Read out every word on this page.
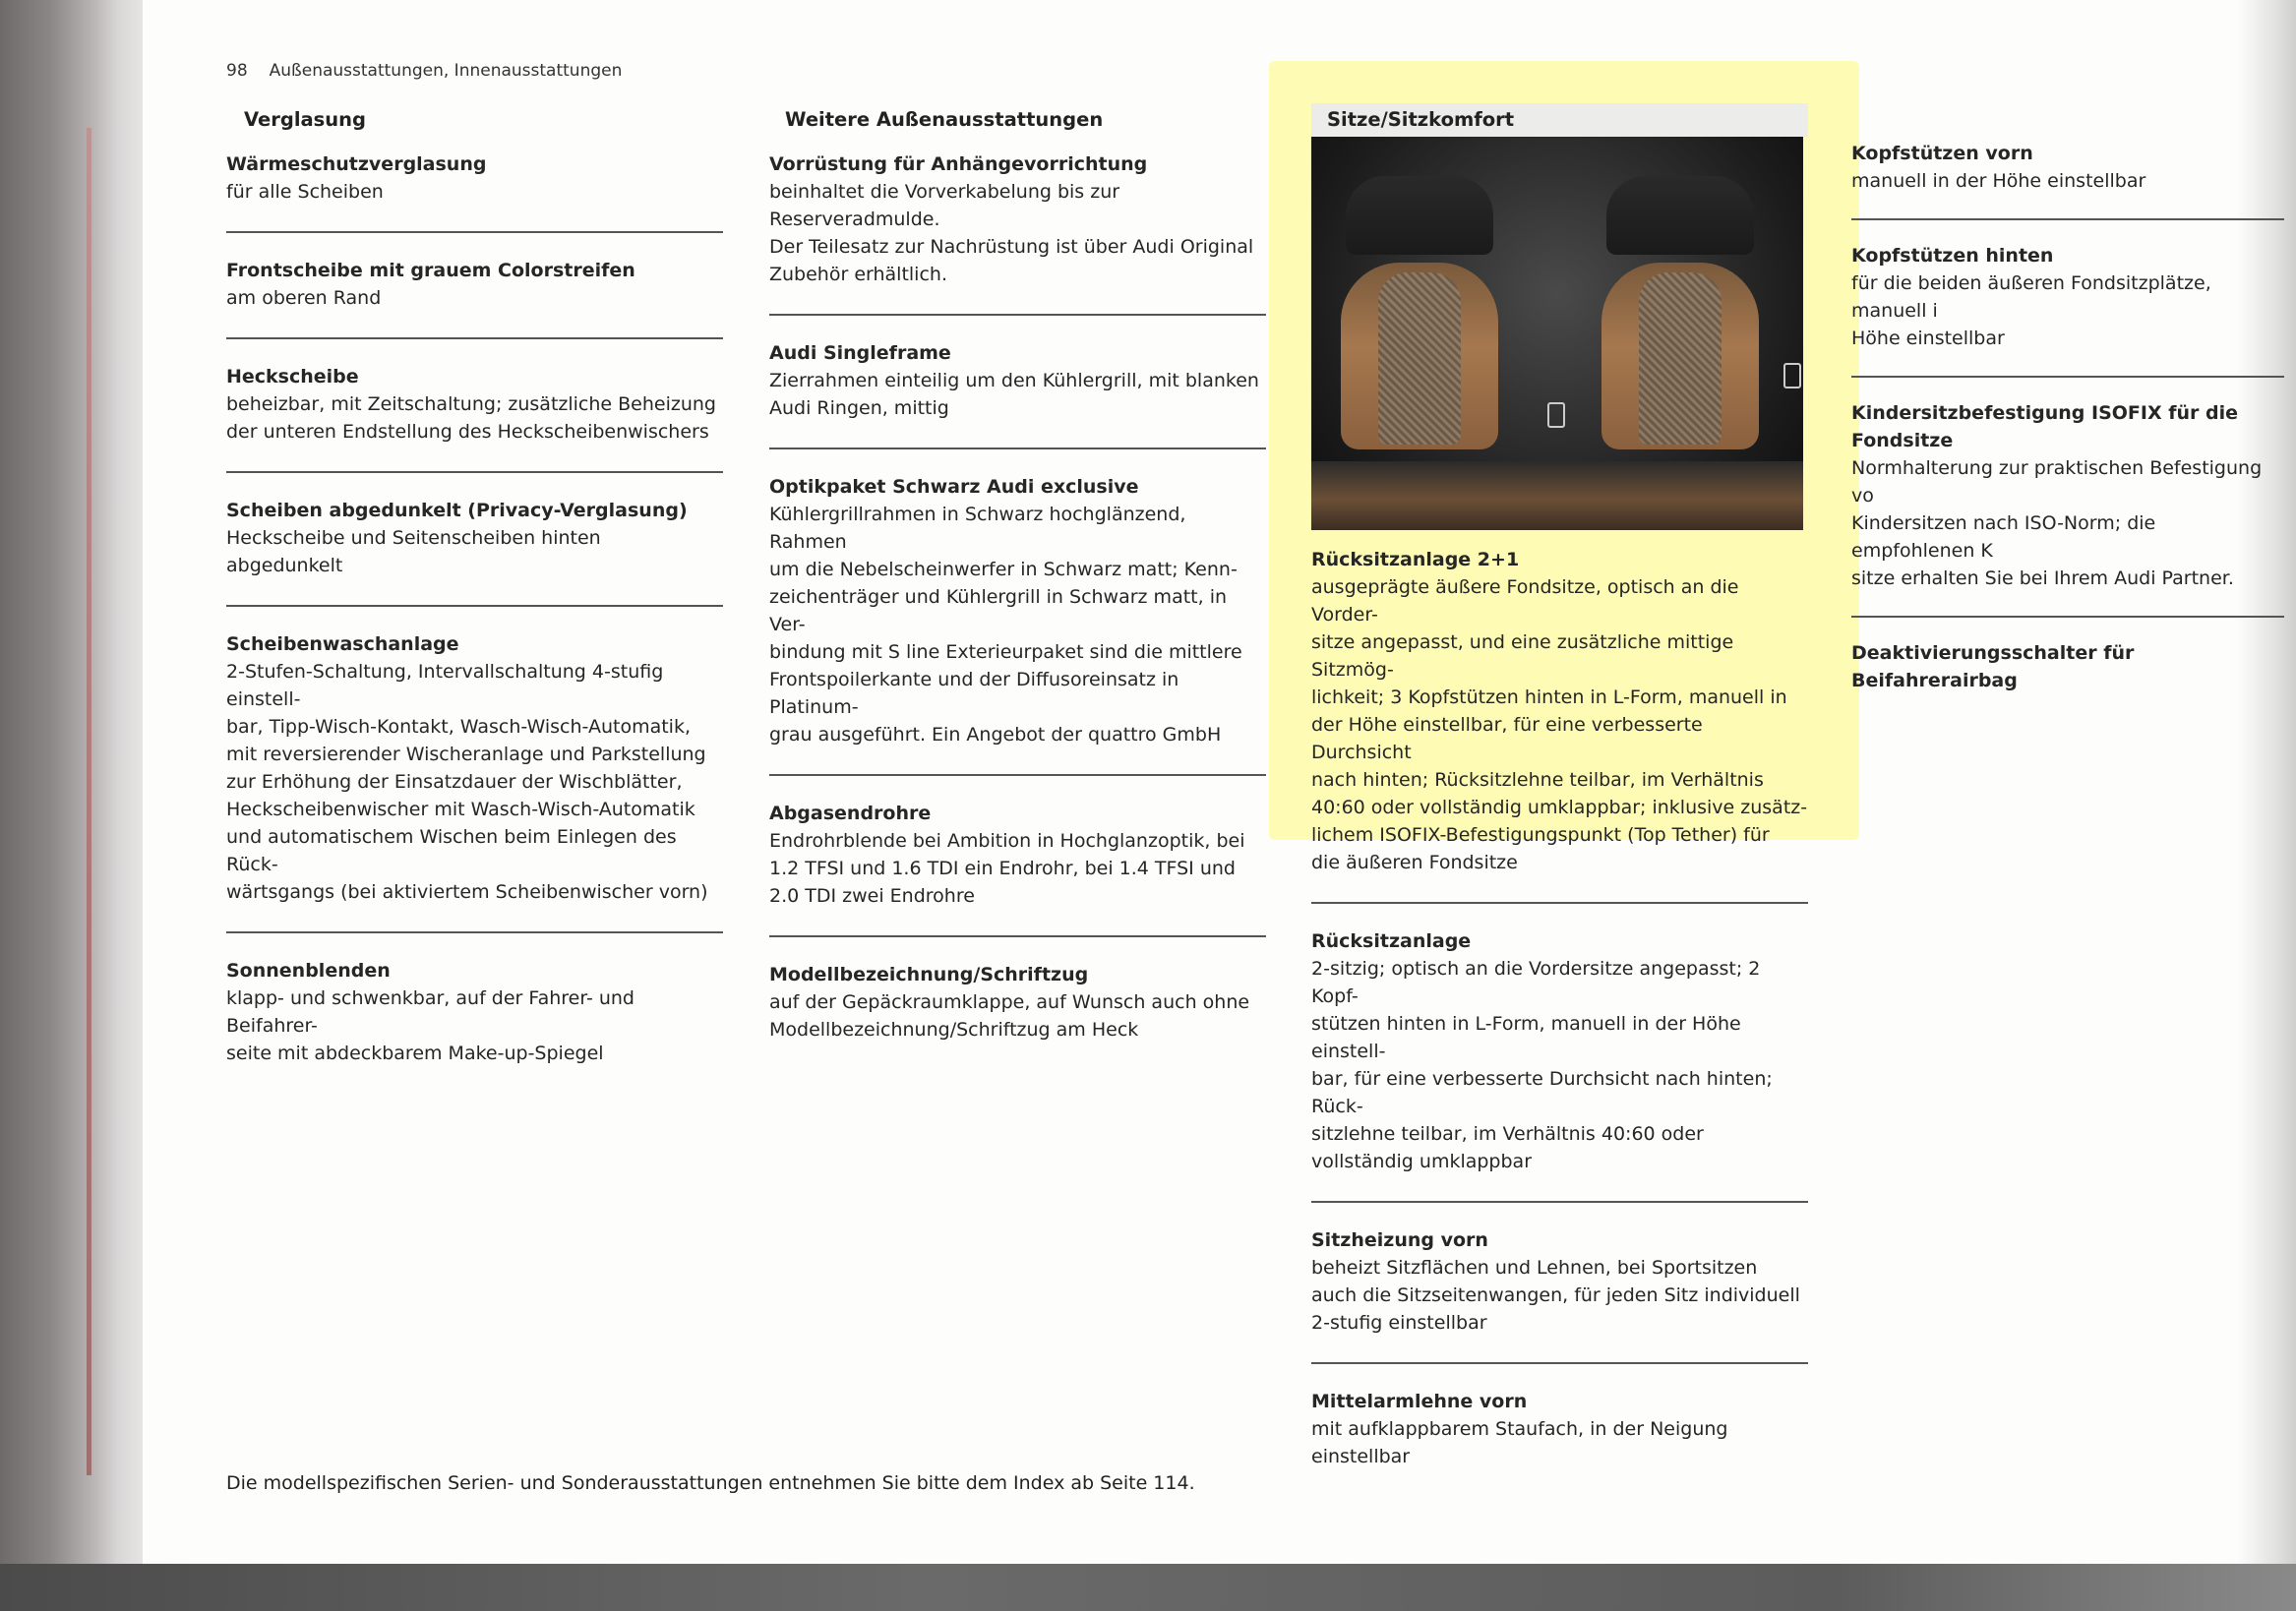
98 Außenausstattungen, Innenausstattungen
Verglasung

Wärmeschutzverglasung

für alle Scheiben

Frontscheibe mit grauem Colorstreifen

am oberen Rand

Heckscheibe

beheizbar, mit Zeitschaltung; zusätzliche Beheizung
der unteren Endstellung des Heckscheibenwischers

Scheiben abgedunkelt (Privacy-Verglasung)

Heckscheibe und Seitenscheiben hinten abgedunkelt

Scheibenwaschanlage

2-Stufen-Schaltung, Intervallschaltung 4-stufig einstell-
bar, Tipp-Wisch-Kontakt, Wasch-Wisch-Automatik,
mit reversierender Wischeranlage und Parkstellung
zur Erhöhung der Einsatzdauer der Wischblätter,
Heckscheibenwischer mit Wasch-Wisch-Automatik
und automatischem Wischen beim Einlegen des Rück-
wärtsgangs (bei aktiviertem Scheibenwischer vorn)

Sonnenblenden

klapp- und schwenkbar, auf der Fahrer- und Beifahrer-
seite mit abdeckbarem Make-up-Spiegel

Weitere Außenausstattungen

Vorrüstung für Anhängevorrichtung

beinhaltet die Vorverkabelung bis zur Reserveradmulde.
Der Teilesatz zur Nachrüstung ist über Audi Original
Zubehör erhältlich.

Audi Singleframe

Zierrahmen einteilig um den Kühlergrill, mit blanken
Audi Ringen, mittig

Optikpaket Schwarz Audi exclusive

Kühlergrillrahmen in Schwarz hochglänzend, Rahmen
um die Nebelscheinwerfer in Schwarz matt; Kenn-
zeichenträger und Kühlergrill in Schwarz matt, in Ver-
bindung mit S line Exterieurpaket sind die mittlere
Frontspoilerkante und der Diffusoreinsatz in Platinum-
grau ausgeführt. Ein Angebot der quattro GmbH

Abgasendrohre

Endrohrblende bei Ambition in Hochglanzoptik, bei
1.2 TFSI und 1.6 TDI ein Endrohr, bei 1.4 TFSI und
2.0 TDI zwei Endrohre

Modellbezeichnung/Schriftzug

auf der Gepäckraumklappe, auf Wunsch auch ohne
Modellbezeichnung/Schriftzug am Heck

Sitze/Sitzkomfort

Rücksitzanlage 2+1

ausgeprägte äußere Fondsitze, optisch an die Vorder-
sitze angepasst, und eine zusätzliche mittige Sitzmög-
lichkeit; 3 Kopfstützen hinten in L-Form, manuell in
der Höhe einstellbar, für eine verbesserte Durchsicht
nach hinten; Rücksitzlehne teilbar, im Verhältnis
40:60 oder vollständig umklappbar; inklusive zusätz-
lichem ISOFIX-Befestigungspunkt (Top Tether) für
die äußeren Fondsitze

Rücksitzanlage

2-sitzig; optisch an die Vordersitze angepasst; 2 Kopf-
stützen hinten in L-Form, manuell in der Höhe einstell-
bar, für eine verbesserte Durchsicht nach hinten; Rück-
sitzlehne teilbar, im Verhältnis 40:60 oder
vollständig umklappbar

Sitzheizung vorn

beheizt Sitzflächen und Lehnen, bei Sportsitzen
auch die Sitzseitenwangen, für jeden Sitz individuell
2-stufig einstellbar

Mittelarmlehne vorn

mit aufklappbarem Staufach, in der Neigung einstellbar

Kopfstützen vorn

manuell in der Höhe einstellbar

Kopfstützen hinten

für die beiden äußeren Fondsitzplätze, manuell i
Höhe einstellbar

Kindersitzbefestigung ISOFIX für die Fondsitze

Normhalterung zur praktischen Befestigung vo
Kindersitzen nach ISO-Norm; die empfohlenen K
sitze erhalten Sie bei Ihrem Audi Partner.

Deaktivierungsschalter für Beifahrerairbag

Die modellspezifischen Serien- und Sonderausstattungen entnehmen Sie bitte dem Index ab Seite 114.
